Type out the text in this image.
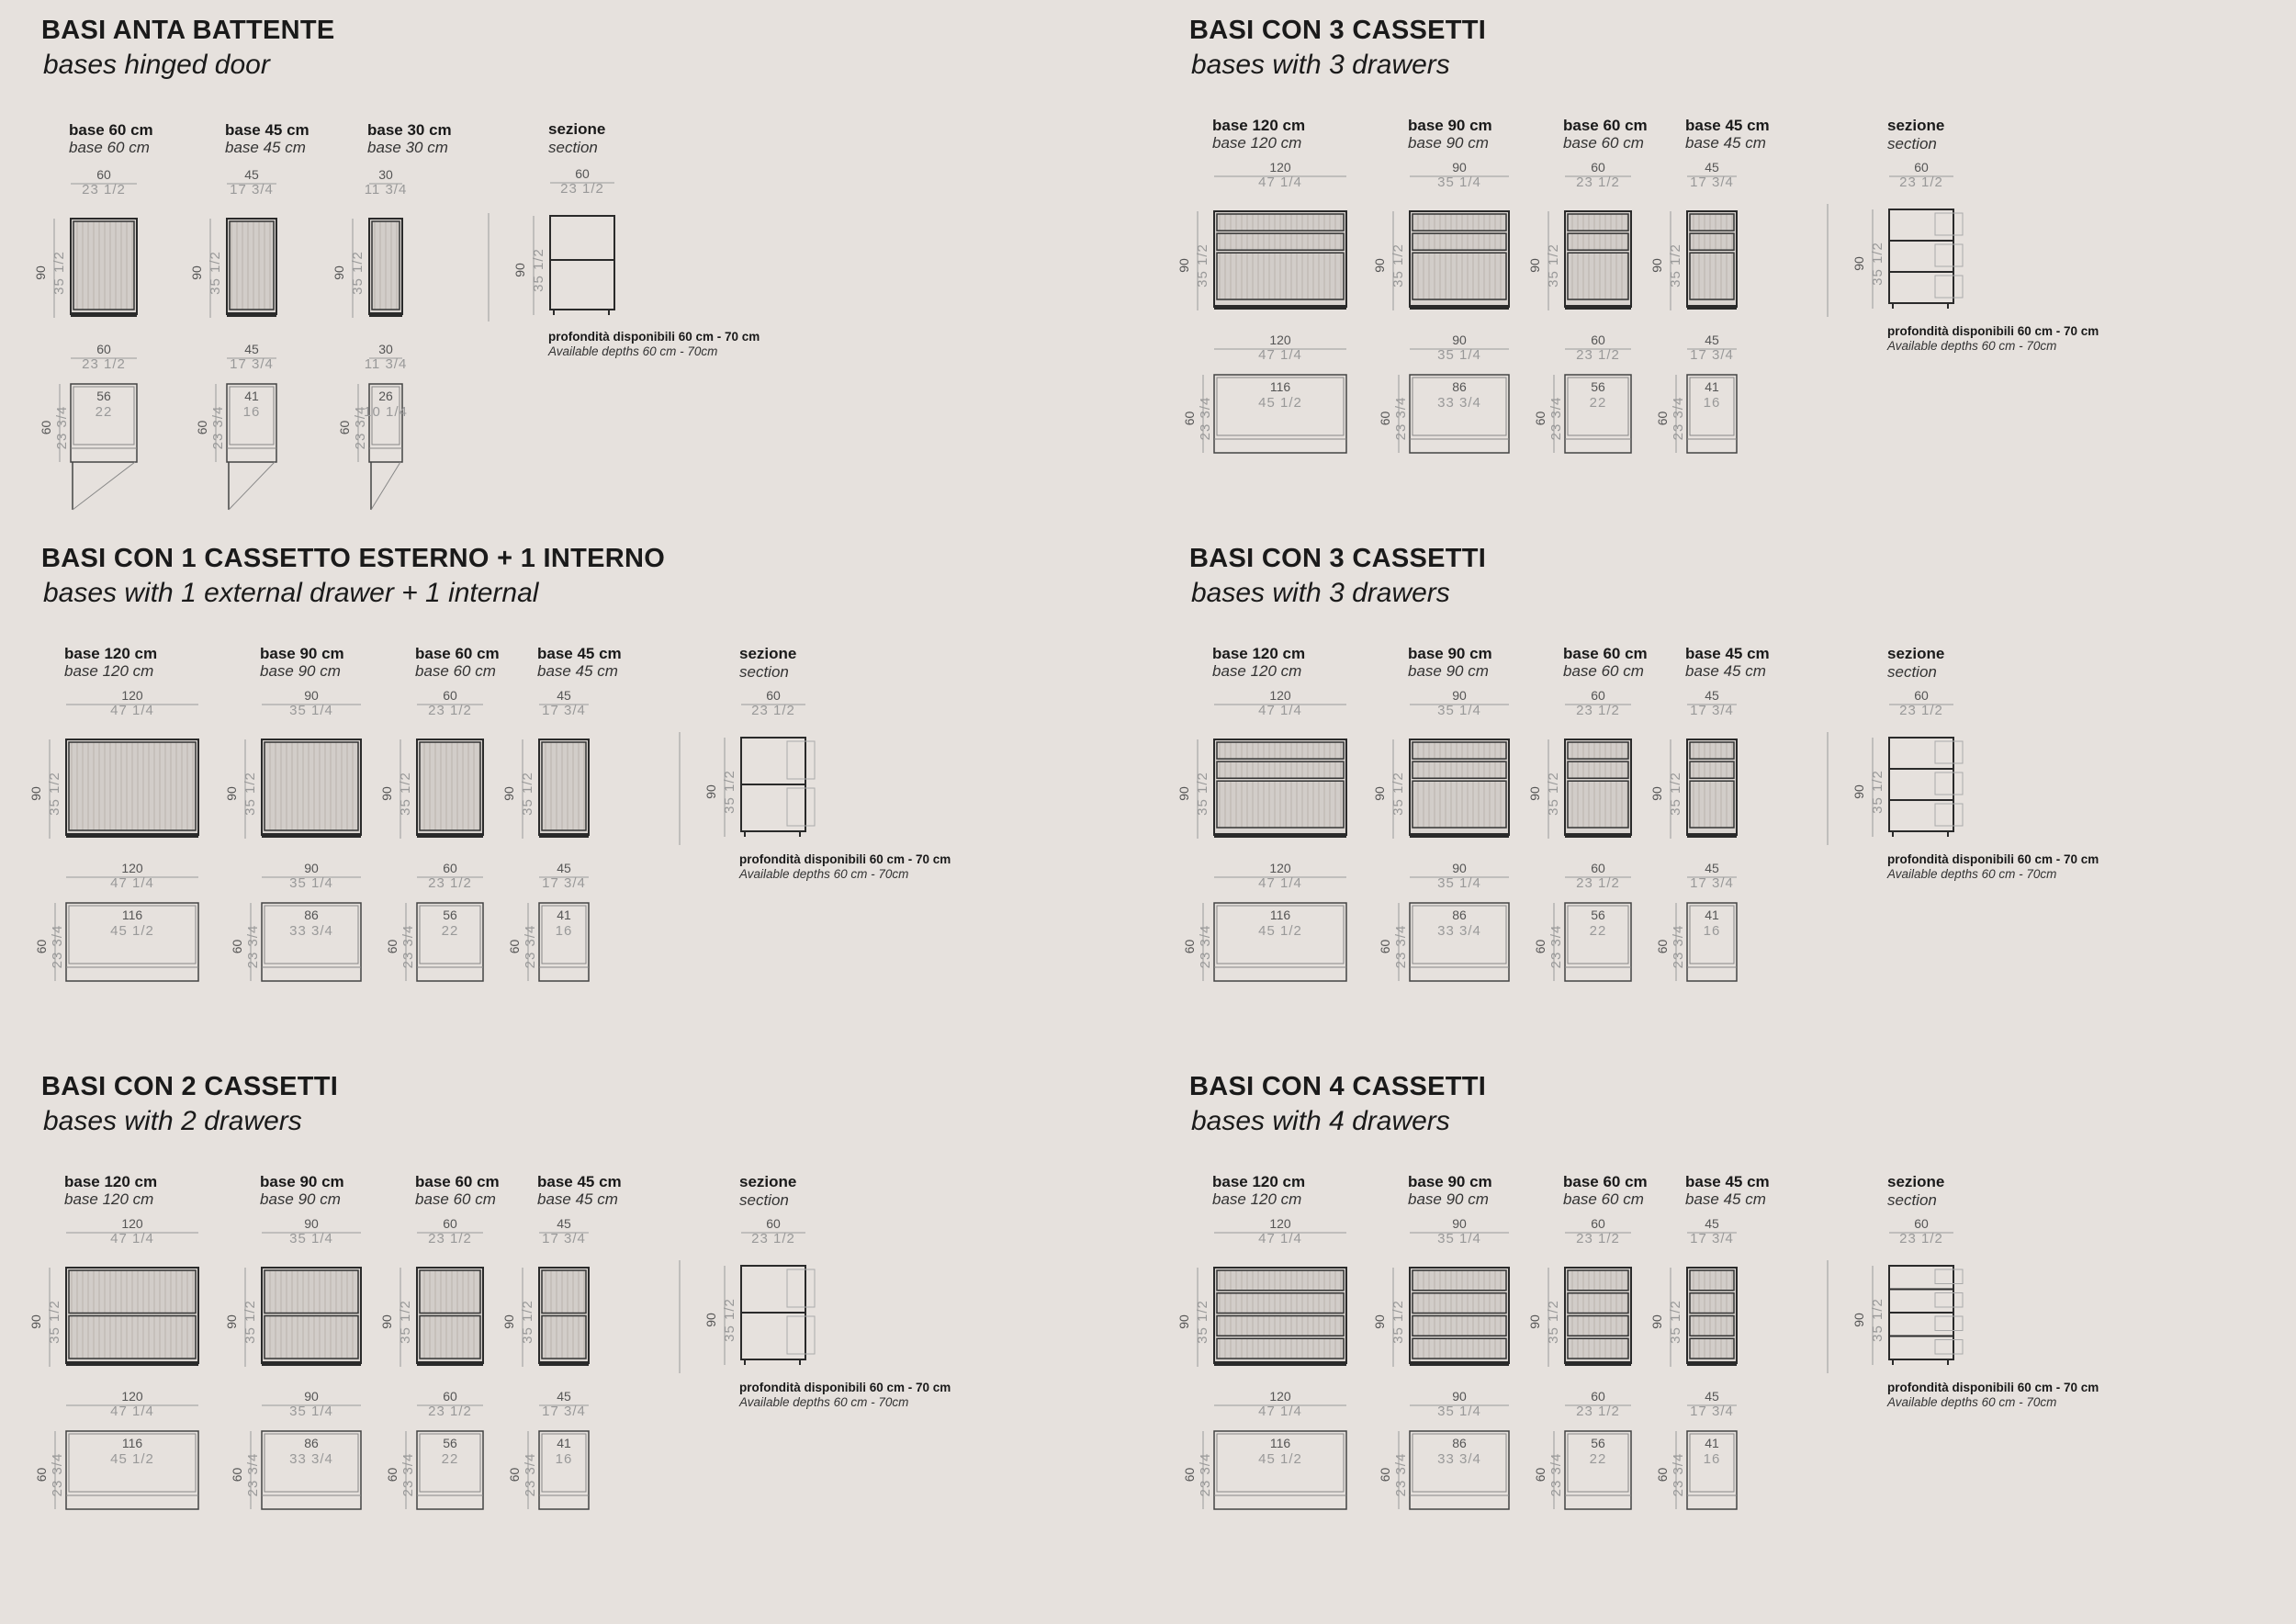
BASI ANTA BATTENTE
bases hinged door
base 60 cm
base 60 cm
60
23 1/2
90 35 1/2
60
23 1/2
60 23 3/4
56
22
base 45 cm
base 45 cm
45
17 3/4
90 35 1/2
45
17 3/4
60 23 3/4
41
16
base 30 cm
base 30 cm
30
11 3/4
90 35 1/2
30
11 3/4
60 23 3/4
26
10 1/4
sezione
section
60
23 1/2
90 35 1/2
profondità disponibili 60 cm - 70 cm
Available depths 60 cm - 70cm
BASI CON 3 CASSETTI
bases with 3 drawers
base 120 cm
base 120 cm
120
47 1/4
90 35 1/2
120
47 1/4
60 23 3/4
116
45 1/2
base 90 cm
base 90 cm
90
35 1/4
90 35 1/2
90
35 1/4
60 23 3/4
86
33 3/4
base 60 cm
base 60 cm
60
23 1/2
90 35 1/2
60
23 1/2
60 23 3/4
56
22
base 45 cm
base 45 cm
45
17 3/4
90 35 1/2
45
17 3/4
60 23 3/4
41
16
sezione
section
60
23 1/2
90 35 1/2
profondità disponibili 60 cm - 70 cm
Available depths 60 cm - 70cm
BASI CON 1 CASSETTO ESTERNO + 1 INTERNO
bases with 1 external drawer + 1 internal
base 120 cm
base 120 cm
120
47 1/4
90 35 1/2
120
47 1/4
60 23 3/4
116
45 1/2
base 90 cm
base 90 cm
90
35 1/4
90 35 1/2
90
35 1/4
60 23 3/4
86
33 3/4
base 60 cm
base 60 cm
60
23 1/2
90 35 1/2
60
23 1/2
60 23 3/4
56
22
base 45 cm
base 45 cm
45
17 3/4
90 35 1/2
45
17 3/4
60 23 3/4
41
16
sezione
section
60
23 1/2
90 35 1/2
profondità disponibili 60 cm - 70 cm
Available depths 60 cm - 70cm
BASI CON 3 CASSETTI
bases with 3 drawers
base 120 cm
base 120 cm
120
47 1/4
90 35 1/2
120
47 1/4
60 23 3/4
116
45 1/2
base 90 cm
base 90 cm
90
35 1/4
90 35 1/2
90
35 1/4
60 23 3/4
86
33 3/4
base 60 cm
base 60 cm
60
23 1/2
90 35 1/2
60
23 1/2
60 23 3/4
56
22
base 45 cm
base 45 cm
45
17 3/4
90 35 1/2
45
17 3/4
60 23 3/4
41
16
sezione
section
60
23 1/2
90 35 1/2
profondità disponibili 60 cm - 70 cm
Available depths 60 cm - 70cm
BASI CON 2 CASSETTI
bases with 2 drawers
base 120 cm
base 120 cm
120
47 1/4
90 35 1/2
120
47 1/4
60 23 3/4
116
45 1/2
base 90 cm
base 90 cm
90
35 1/4
90 35 1/2
90
35 1/4
60 23 3/4
86
33 3/4
base 60 cm
base 60 cm
60
23 1/2
90 35 1/2
60
23 1/2
60 23 3/4
56
22
base 45 cm
base 45 cm
45
17 3/4
90 35 1/2
45
17 3/4
60 23 3/4
41
16
sezione
section
60
23 1/2
90 35 1/2
profondità disponibili 60 cm - 70 cm
Available depths 60 cm - 70cm
BASI CON 4 CASSETTI
bases with 4 drawers
base 120 cm
base 120 cm
120
47 1/4
90 35 1/2
120
47 1/4
60 23 3/4
116
45 1/2
base 90 cm
base 90 cm
90
35 1/4
90 35 1/2
90
35 1/4
60 23 3/4
86
33 3/4
base 60 cm
base 60 cm
60
23 1/2
90 35 1/2
60
23 1/2
60 23 3/4
56
22
base 45 cm
base 45 cm
45
17 3/4
90 35 1/2
45
17 3/4
60 23 3/4
41
16
sezione
section
60
23 1/2
90 35 1/2
profondità disponibili 60 cm - 70 cm
Available depths 60 cm - 70cm
